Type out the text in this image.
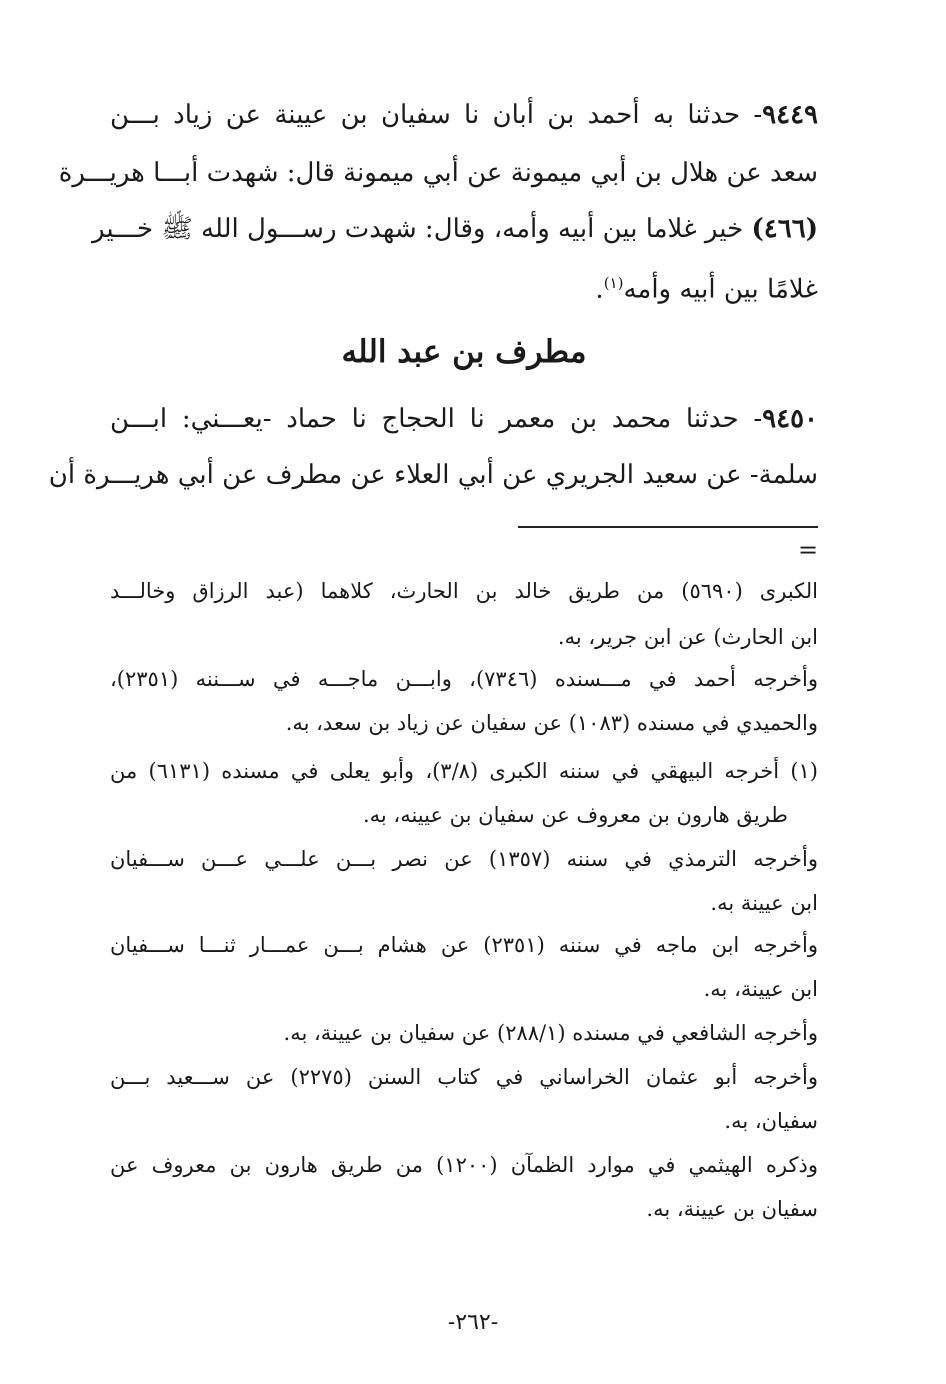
٩٤٤٩- حدثنا به أحمد بن أبان نا سفيان بن عيينة عن زياد بـــن
سعد عن هلال بن أبي ميمونة عن أبي ميمونة قال: شهدت أبـــا هريـــرة
(٤٦٦) خير غلاما بين أبيه وأمه، وقال: شهدت رســـول الله ﷺ خـــير
غلامًا بين أبيه وأمه$^{(١)}$.
مطرف بن عبد الله
٩٤٥٠- حدثنا محمد بن معمر نا الحجاج نا حماد -يعـــني: ابـــن
سلمة- عن سعيد الجريري عن أبي العلاء عن مطرف عن أبي هريـــرة أن
=
الكبرى (٥٦٩٠) من طريق خالد بن الحارث، كلاهما (عبد الرزاق وخالـــد
ابن الحارث) عن ابن جرير، به.
وأخرجه أحمد في مـــسنده (٧٣٤٦)، وابـــن ماجـــه في ســـننه (٢٣٥١)،
والحميدي في مسنده (١٠٨٣) عن سفيان عن زياد بن سعد، به.
(١) أخرجه البيهقي في سننه الكبرى (٣/٨)، وأبو يعلى في مسنده (٦١٣١) من
طريق هارون بن معروف عن سفيان بن عيينه، به.
وأخرجه الترمذي في سننه (١٣٥٧) عن نصر بـــن علـــي عـــن ســـفيان
ابن عيينة به.
وأخرجه ابن ماجه في سننه (٢٣٥١) عن هشام بـــن عمـــار ثنـــا ســـفيان
ابن عيينة، به.
وأخرجه الشافعي في مسنده (٢٨٨/١) عن سفيان بن عيينة، به.
وأخرجه أبو عثمان الخراساني في كتاب السنن (٢٢٧٥) عن ســـعيد بـــن
سفيان، به.
وذكره الهيثمي في موارد الظمآن (١٢٠٠) من طريق هارون بن معروف عن
سفيان بن عيينة، به.
-٢٦٢-
